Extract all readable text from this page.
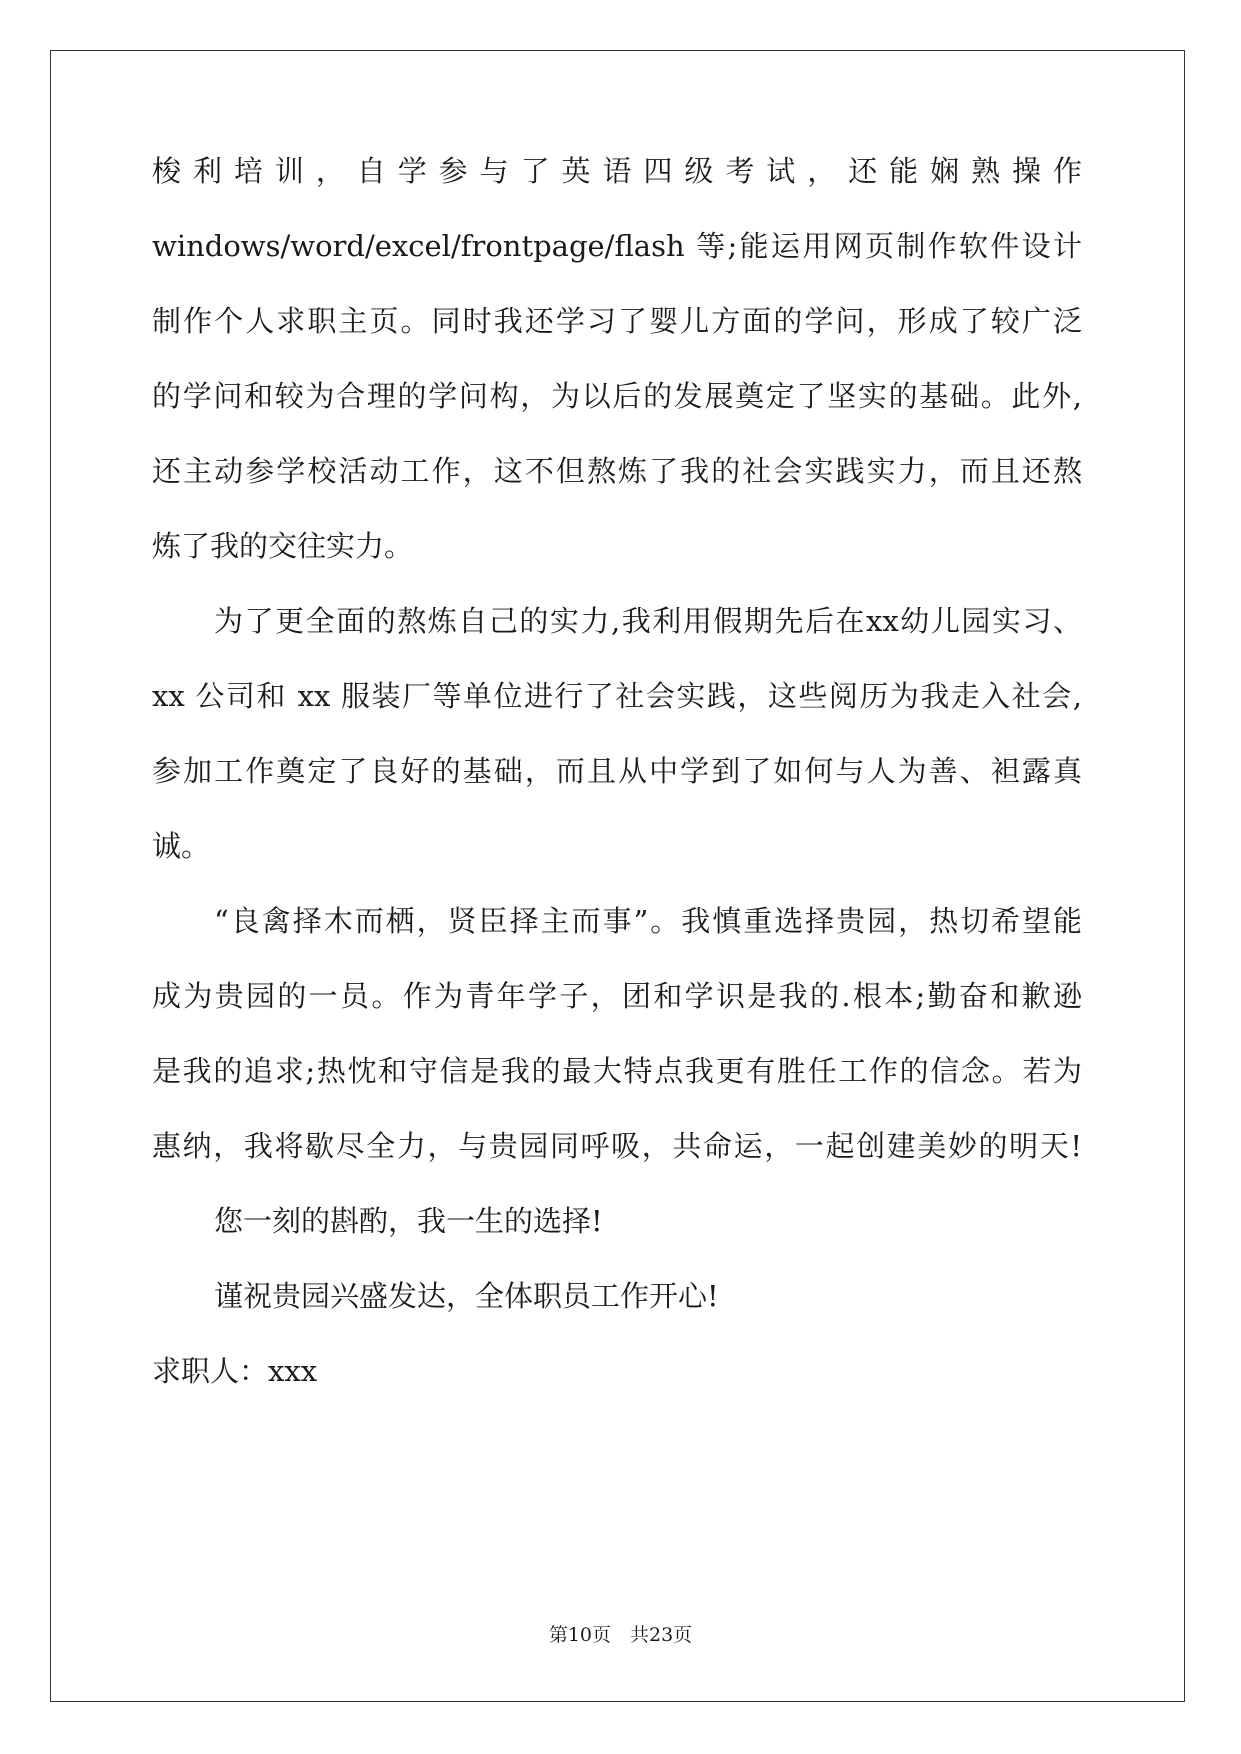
梭利培训，自学参与了英语四级考试，还能娴熟操作
windows/word/excel/frontpage/flash 等;能运用网页制作软件设计
制作个人求职主页。同时我还学习了婴儿方面的学问，形成了较广泛
的学问和较为合理的学问构，为以后的发展奠定了坚实的基础。此外,
还主动参学校活动工作，这不但熬炼了我的社会实践实力，而且还熬
炼了我的交往实力。
为了更全面的熬炼自己的实力,我利用假期先后在xx幼儿园实习、
xx 公司和 xx 服装厂等单位进行了社会实践，这些阅历为我走入社会,
参加工作奠定了良好的基础，而且从中学到了如何与人为善、袒露真
诚。
“良禽择木而栖，贤臣择主而事”。我慎重选择贵园，热切希望能
成为贵园的一员。作为青年学子，团和学识是我的.根本;勤奋和歉逊
是我的追求;热忱和守信是我的最大特点我更有胜任工作的信念。若为
惠纳，我将歇尽全力，与贵园同呼吸，共命运，一起创建美妙的明天!
您一刻的斟酌，我一生的选择!
谨祝贵园兴盛发达，全体职员工作开心!
求职人：xxx
第10页　共23页
